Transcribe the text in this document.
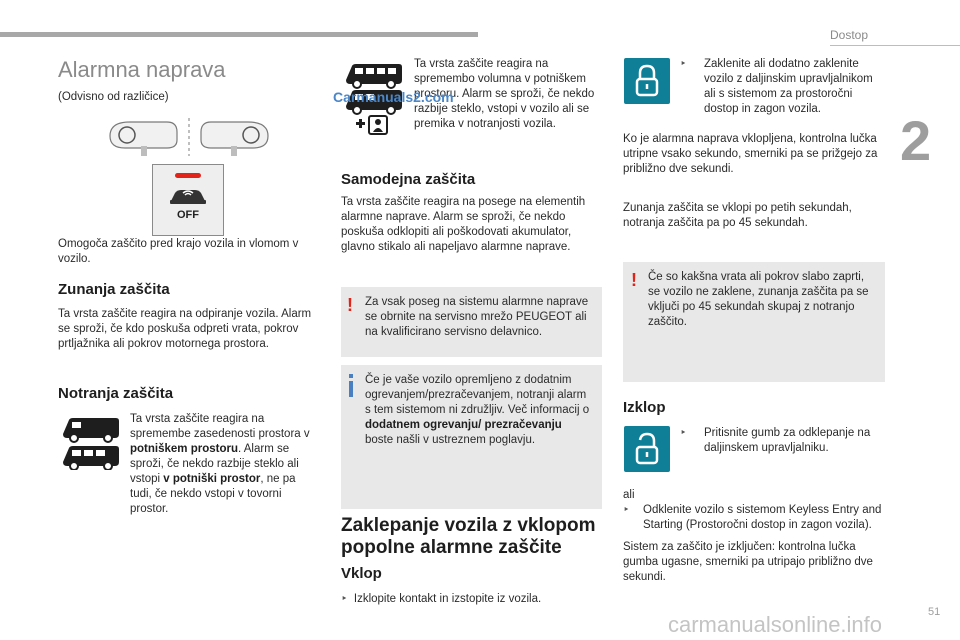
Dostop
2
Alarmna naprava
(Odvisno od različice)
OFF
Omogoča zaščito pred krajo vozila in vlomom v vozilo.
Zunanja zaščita
Ta vrsta zaščite reagira na odpiranje vozila. Alarm se sproži, če kdo poskuša odpreti vrata, pokrov prtljažnika ali pokrov motornega prostora.
Notranja zaščita
Ta vrsta zaščite reagira na spremembe zasedenosti prostora v potniškem prostoru. Alarm se sproži, če nekdo razbije steklo ali vstopi v potniški prostor, ne pa tudi, če nekdo vstopi v tovorni prostor.
Ta vrsta zaščite reagira na spremembo volumna v potniškem prostoru. Alarm se sproži, če nekdo razbije steklo, vstopi v vozilo ali se premika v notranjosti vozila.
Carmanuals2.com
Samodejna zaščita
Ta vrsta zaščite reagira na posege na elementih alarmne naprave. Alarm se sproži, če nekdo poskuša odklopiti ali poškodovati akumulator, glavno stikalo ali napeljavo alarmne naprave.
! Za vsak poseg na sistemu alarmne naprave se obrnite na servisno mrežo PEUGEOT ali na kvalificirano servisno delavnico.
Če je vaše vozilo opremljeno z dodatnim ogrevanjem/prezračevanjem, notranji alarm s tem sistemom ni združljiv. Več informacij o dodatnem ogrevanju/ prezračevanju boste našli v ustreznem poglavju.
Zaklepanje vozila z vklopom popolne alarmne zaščite
Vklop
‣ Izklopite kontakt in izstopite iz vozila.
‣ Zaklenite ali dodatno zaklenite vozilo z daljinskim upravljalnikom ali s sistemom za prostoročni dostop in zagon vozila.
Ko je alarmna naprava vklopljena, kontrolna lučka utripne vsako sekundo, smerniki pa se prižgejo za približno dve sekundi.
Zunanja zaščita se vklopi po petih sekundah, notranja zaščita pa po 45 sekundah.
! Če so kakšna vrata ali pokrov slabo zaprti, se vozilo ne zaklene, zunanja zaščita pa se vključi po 45 sekundah skupaj z notranjo zaščito.
Izklop
‣ Pritisnite gumb za odklepanje na daljinskem upravljalniku.
ali
‣ Odklenite vozilo s sistemom Keyless Entry and Starting (Prostoročni dostop in zagon vozila).
Sistem za zaščito je izključen: kontrolna lučka gumba ugasne, smerniki pa utripajo približno dve sekundi.
carmanualsonline.info	51
